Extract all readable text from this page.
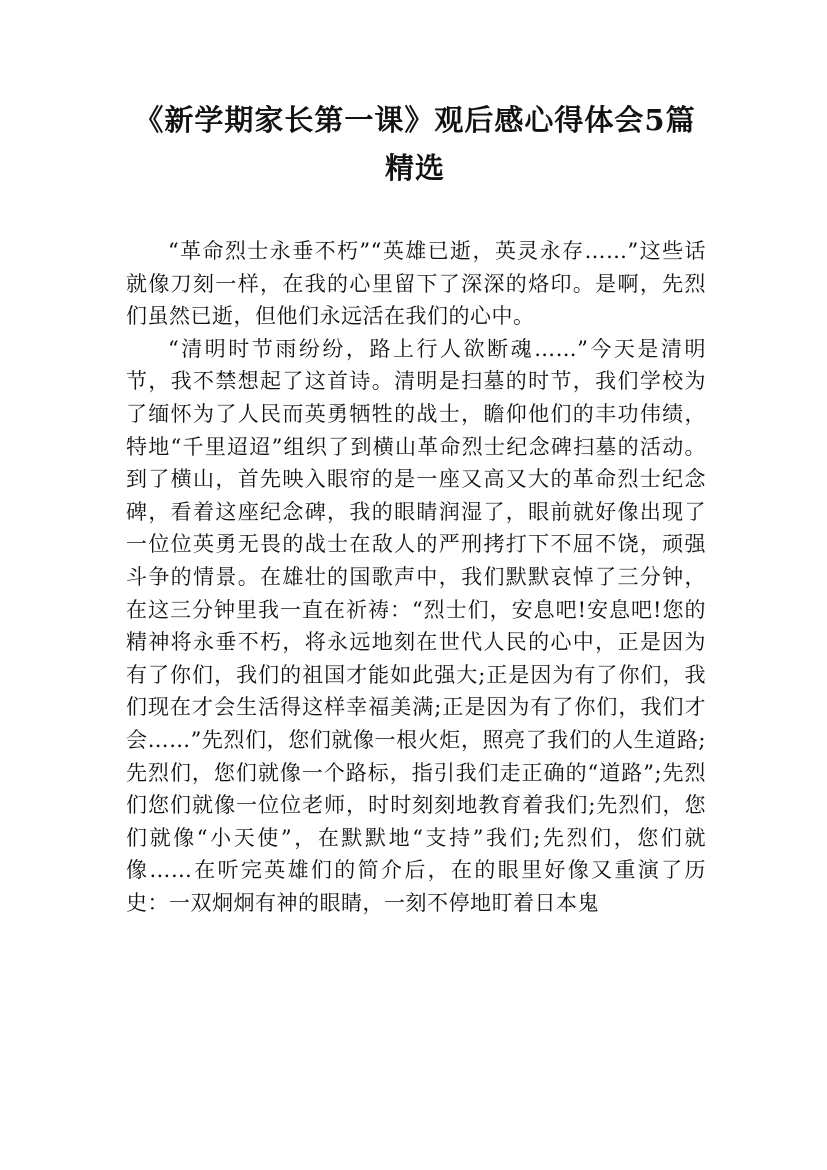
《新学期家长第一课》观后感心得体会5篇
精选

“革命烈士永垂不朽”“英雄已逝，英灵永存……”这些话就像刀刻一样，在我的心里留下了深深的烙印。是啊，先烈们虽然已逝，但他们永远活在我们的心中。

“清明时节雨纷纷，路上行人欲断魂……”今天是清明节，我不禁想起了这首诗。清明是扫墓的时节，我们学校为了缅怀为了人民而英勇牺牲的战士，瞻仰他们的丰功伟绩，特地“千里迢迢”组织了到横山革命烈士纪念碑扫墓的活动。到了横山，首先映入眼帘的是一座又高又大的革命烈士纪念碑，看着这座纪念碑，我的眼睛润湿了，眼前就好像出现了一位位英勇无畏的战士在敌人的严刑拷打下不屈不饶，顽强斗争的情景。在雄壮的国歌声中，我们默默哀悼了三分钟，在这三分钟里我一直在祈祷：“烈士们，安息吧!安息吧!您的精神将永垂不朽，将永远地刻在世代人民的心中，正是因为有了你们，我们的祖国才能如此强大;正是因为有了你们，我们现在才会生活得这样幸福美满;正是因为有了你们，我们才会……”先烈们，您们就像一根火炬，照亮了我们的人生道路;先烈们，您们就像一个路标，指引我们走正确的“道路”;先烈们您们就像一位位老师，时时刻刻地教育着我们;先烈们，您们就像“小天使”，在默默地“支持”我们;先烈们，您们就像……在听完英雄们的简介后，在的眼里好像又重演了历史：一双炯炯有神的眼睛，一刻不停地盯着日本鬼
